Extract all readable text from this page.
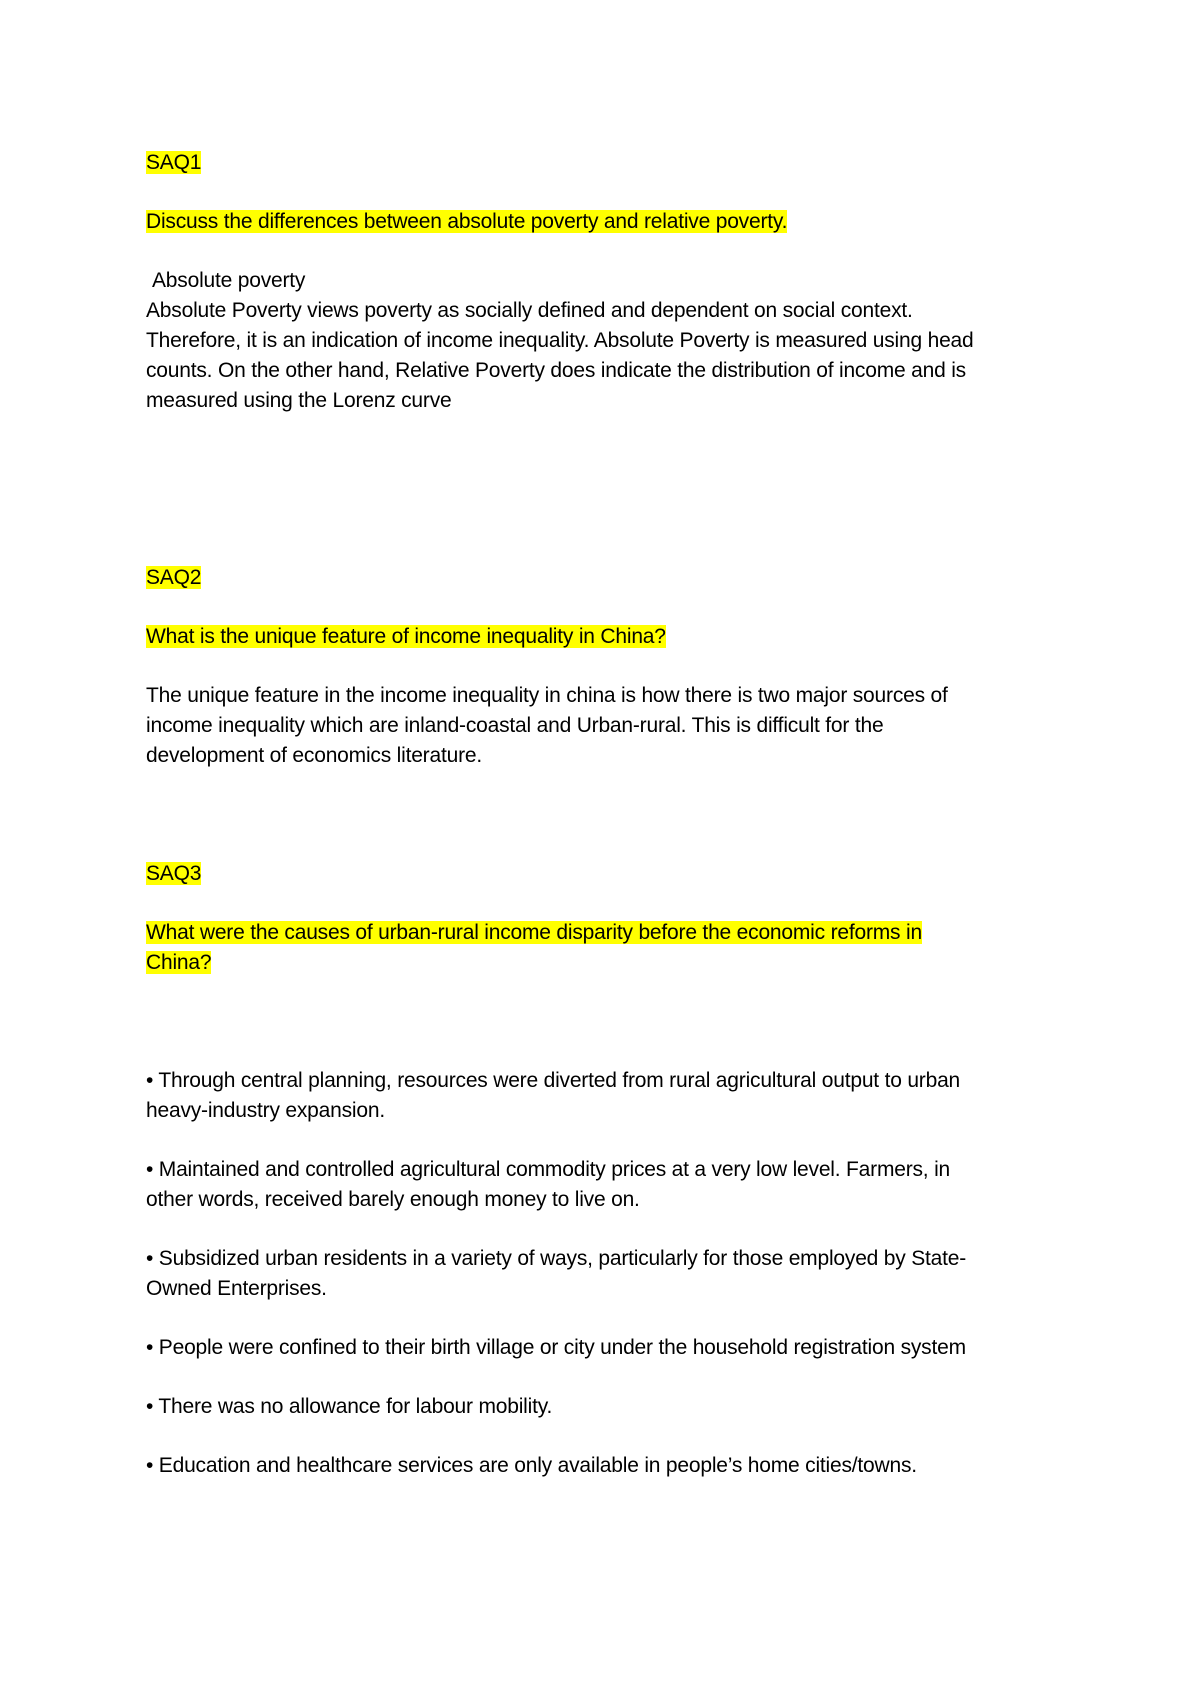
SAQ1
Discuss the differences between absolute poverty and relative poverty.
Absolute poverty
Absolute Poverty views poverty as socially defined and dependent on social context.
Therefore, it is an indication of income inequality. Absolute Poverty is measured using head
counts. On the other hand, Relative Poverty does indicate the distribution of income and is
measured using the Lorenz curve
SAQ2
What is the unique feature of income inequality in China?
The unique feature in the income inequality in china is how there is two major sources of
income inequality which are inland-coastal and Urban-rural. This is difficult for the
development of economics literature.
SAQ3
What were the causes of urban-rural income disparity before the economic reforms in
China?
• Through central planning, resources were diverted from rural agricultural output to urban
heavy-industry expansion.
• Maintained and controlled agricultural commodity prices at a very low level. Farmers, in
other words, received barely enough money to live on.
• Subsidized urban residents in a variety of ways, particularly for those employed by State-
Owned Enterprises.
• People were confined to their birth village or city under the household registration system
• There was no allowance for labour mobility.
• Education and healthcare services are only available in people’s home cities/towns.
